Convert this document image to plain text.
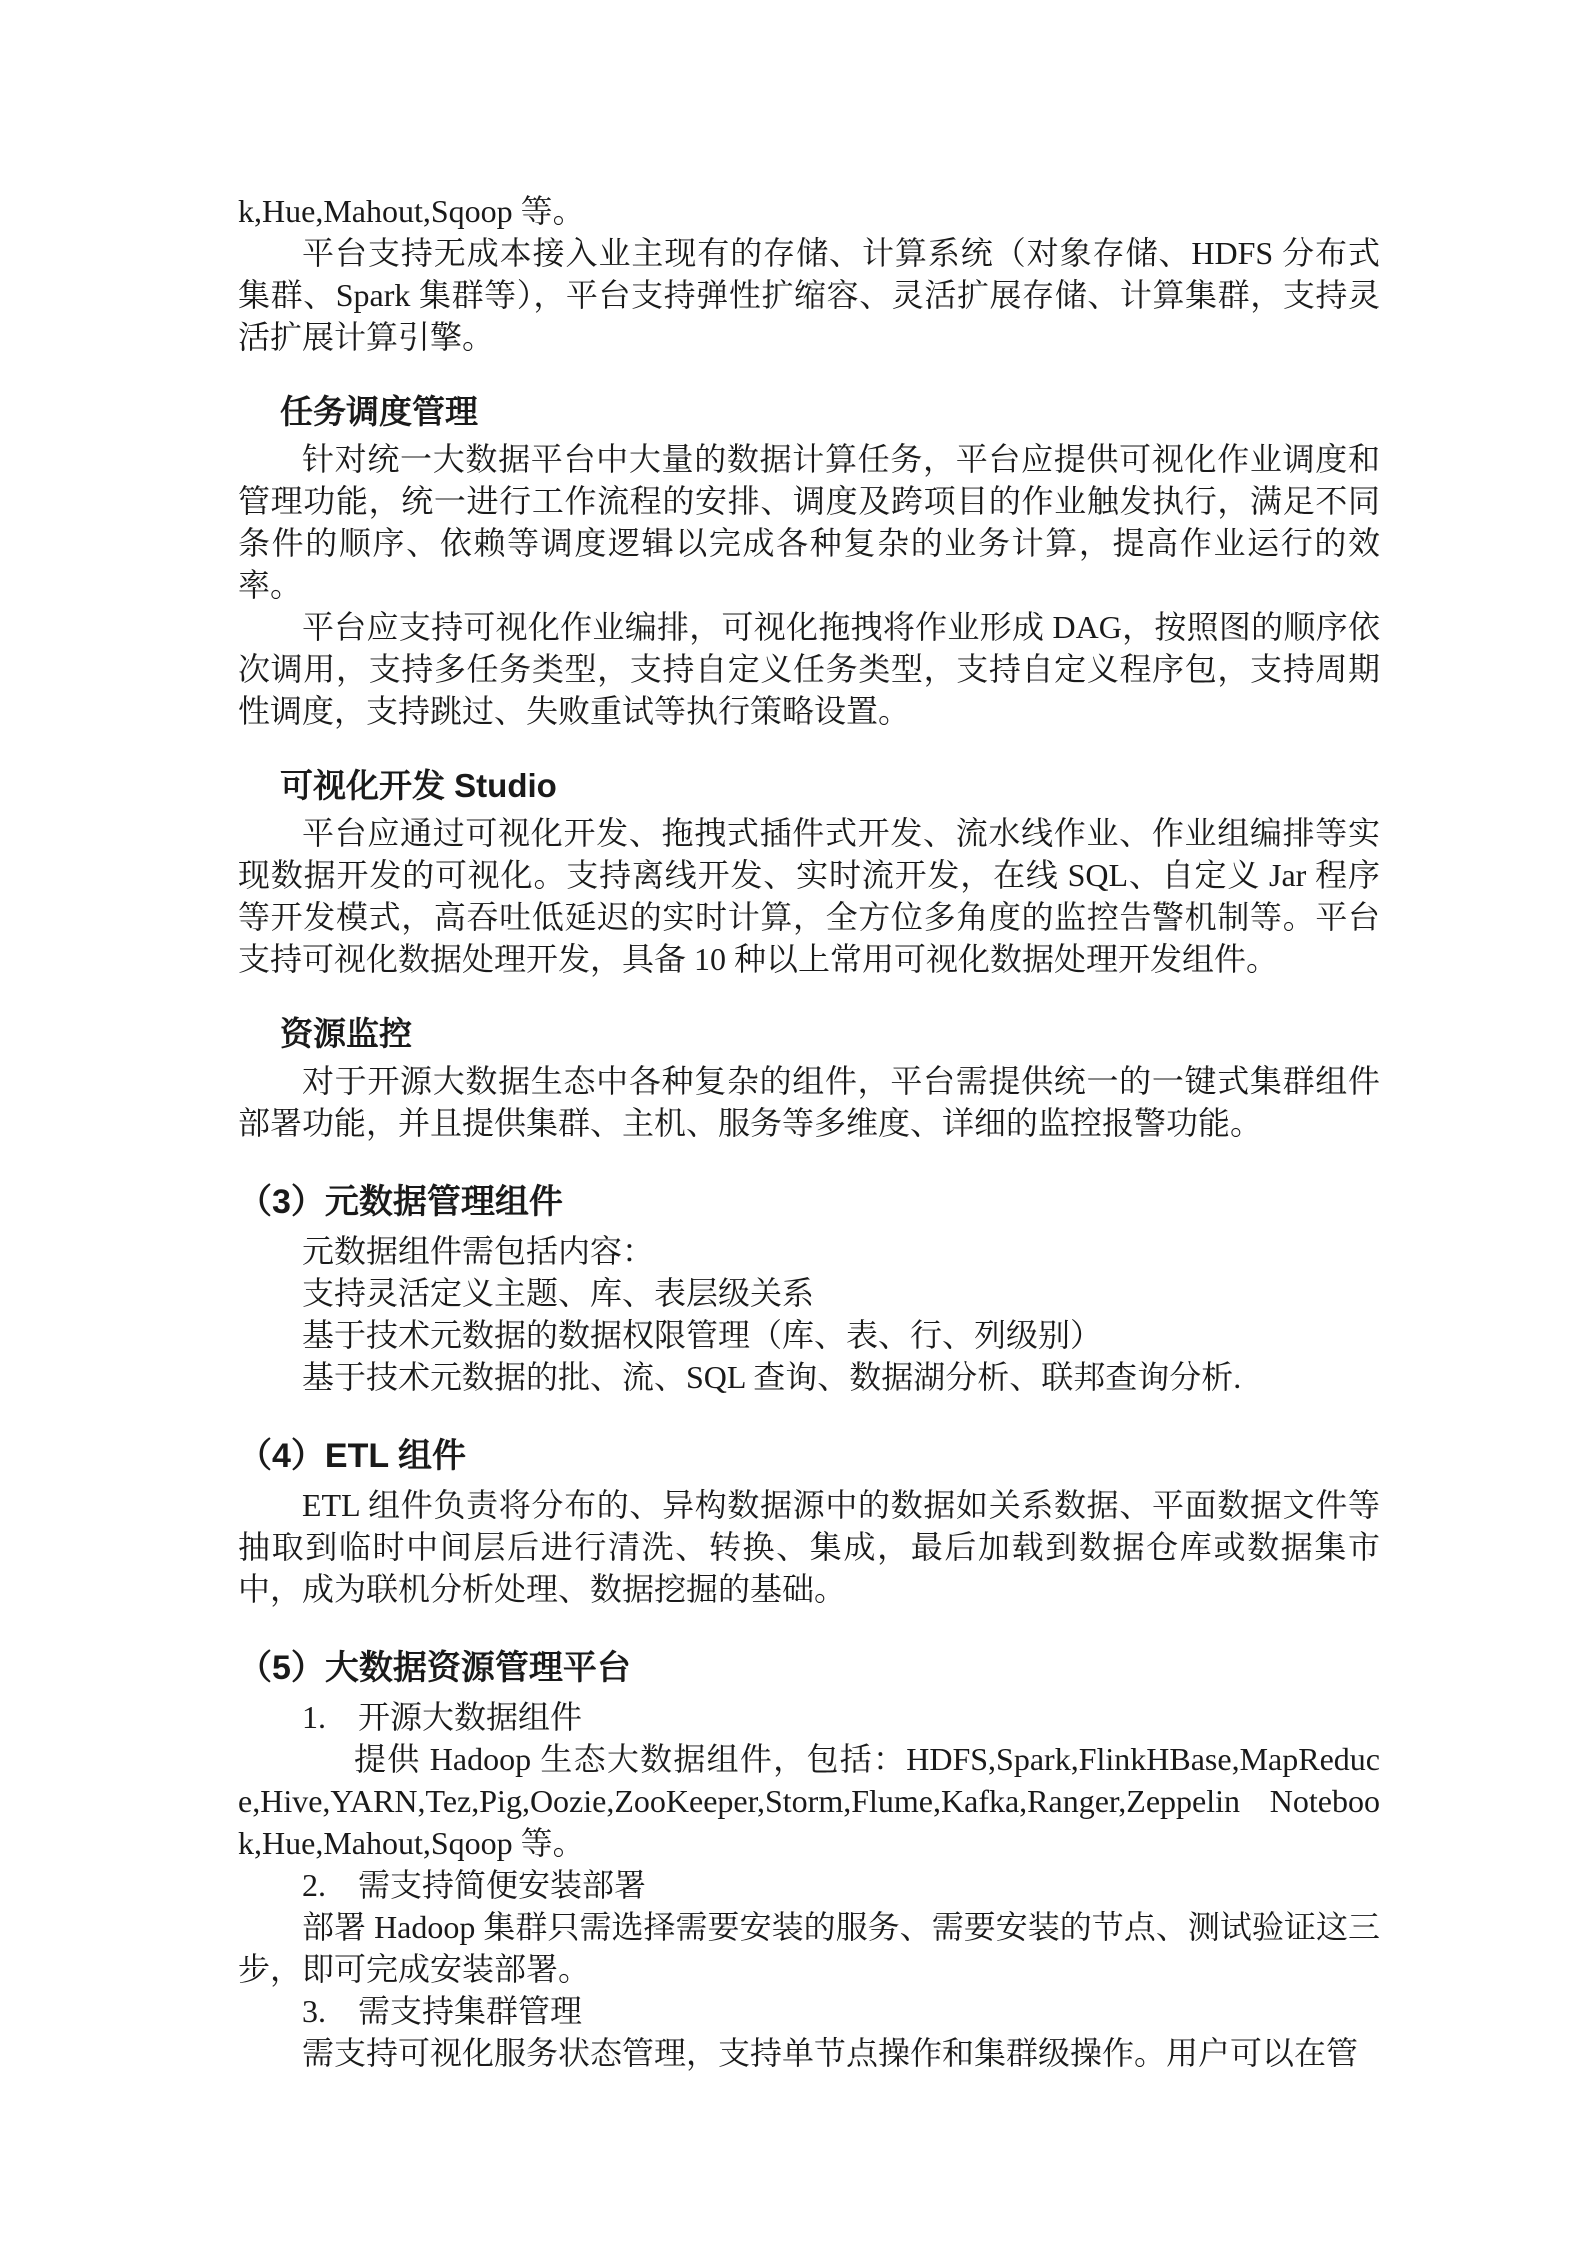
k,Hue,Mahout,Sqoop 等。

平台支持无成本接入业主现有的存储、计算系统（对象存储、HDFS 分布式集群、Spark 集群等），平台支持弹性扩缩容、灵活扩展存储、计算集群，支持灵活扩展计算引擎。

任务调度管理

针对统一大数据平台中大量的数据计算任务，平台应提供可视化作业调度和管理功能，统一进行工作流程的安排、调度及跨项目的作业触发执行，满足不同条件的顺序、依赖等调度逻辑以完成各种复杂的业务计算，提高作业运行的效率。

平台应支持可视化作业编排，可视化拖拽将作业形成 DAG，按照图的顺序依次调用，支持多任务类型，支持自定义任务类型，支持自定义程序包，支持周期性调度，支持跳过、失败重试等执行策略设置。

可视化开发 Studio

平台应通过可视化开发、拖拽式插件式开发、流水线作业、作业组编排等实现数据开发的可视化。支持离线开发、实时流开发，在线 SQL、自定义 Jar 程序等开发模式，高吞吐低延迟的实时计算，全方位多角度的监控告警机制等。平台支持可视化数据处理开发，具备 10 种以上常用可视化数据处理开发组件。

资源监控

对于开源大数据生态中各种复杂的组件，平台需提供统一的一键式集群组件部署功能，并且提供集群、主机、服务等多维度、详细的监控报警功能。

（3）元数据管理组件

元数据组件需包括内容：

支持灵活定义主题、库、表层级关系

基于技术元数据的数据权限管理（库、表、行、列级别）

基于技术元数据的批、流、SQL 查询、数据湖分析、联邦查询分析.

（4）ETL 组件

ETL 组件负责将分布的、异构数据源中的数据如关系数据、平面数据文件等抽取到临时中间层后进行清洗、转换、集成，最后加载到数据仓库或数据集市中，成为联机分析处理、数据挖掘的基础。

（5）大数据资源管理平台

1. 开源大数据组件

提供 Hadoop 生态大数据组件，包括：HDFS,Spark,FlinkHBase,MapReduce,Hive,YARN,Tez,Pig,Oozie,ZooKeeper,Storm,Flume,Kafka,Ranger,Zeppelin Notebook,Hue,Mahout,Sqoop 等。

2. 需支持简便安装部署

部署 Hadoop 集群只需选择需要安装的服务、需要安装的节点、测试验证这三步，即可完成安装部署。

3. 需支持集群管理

需支持可视化服务状态管理，支持单节点操作和集群级操作。用户可以在管
